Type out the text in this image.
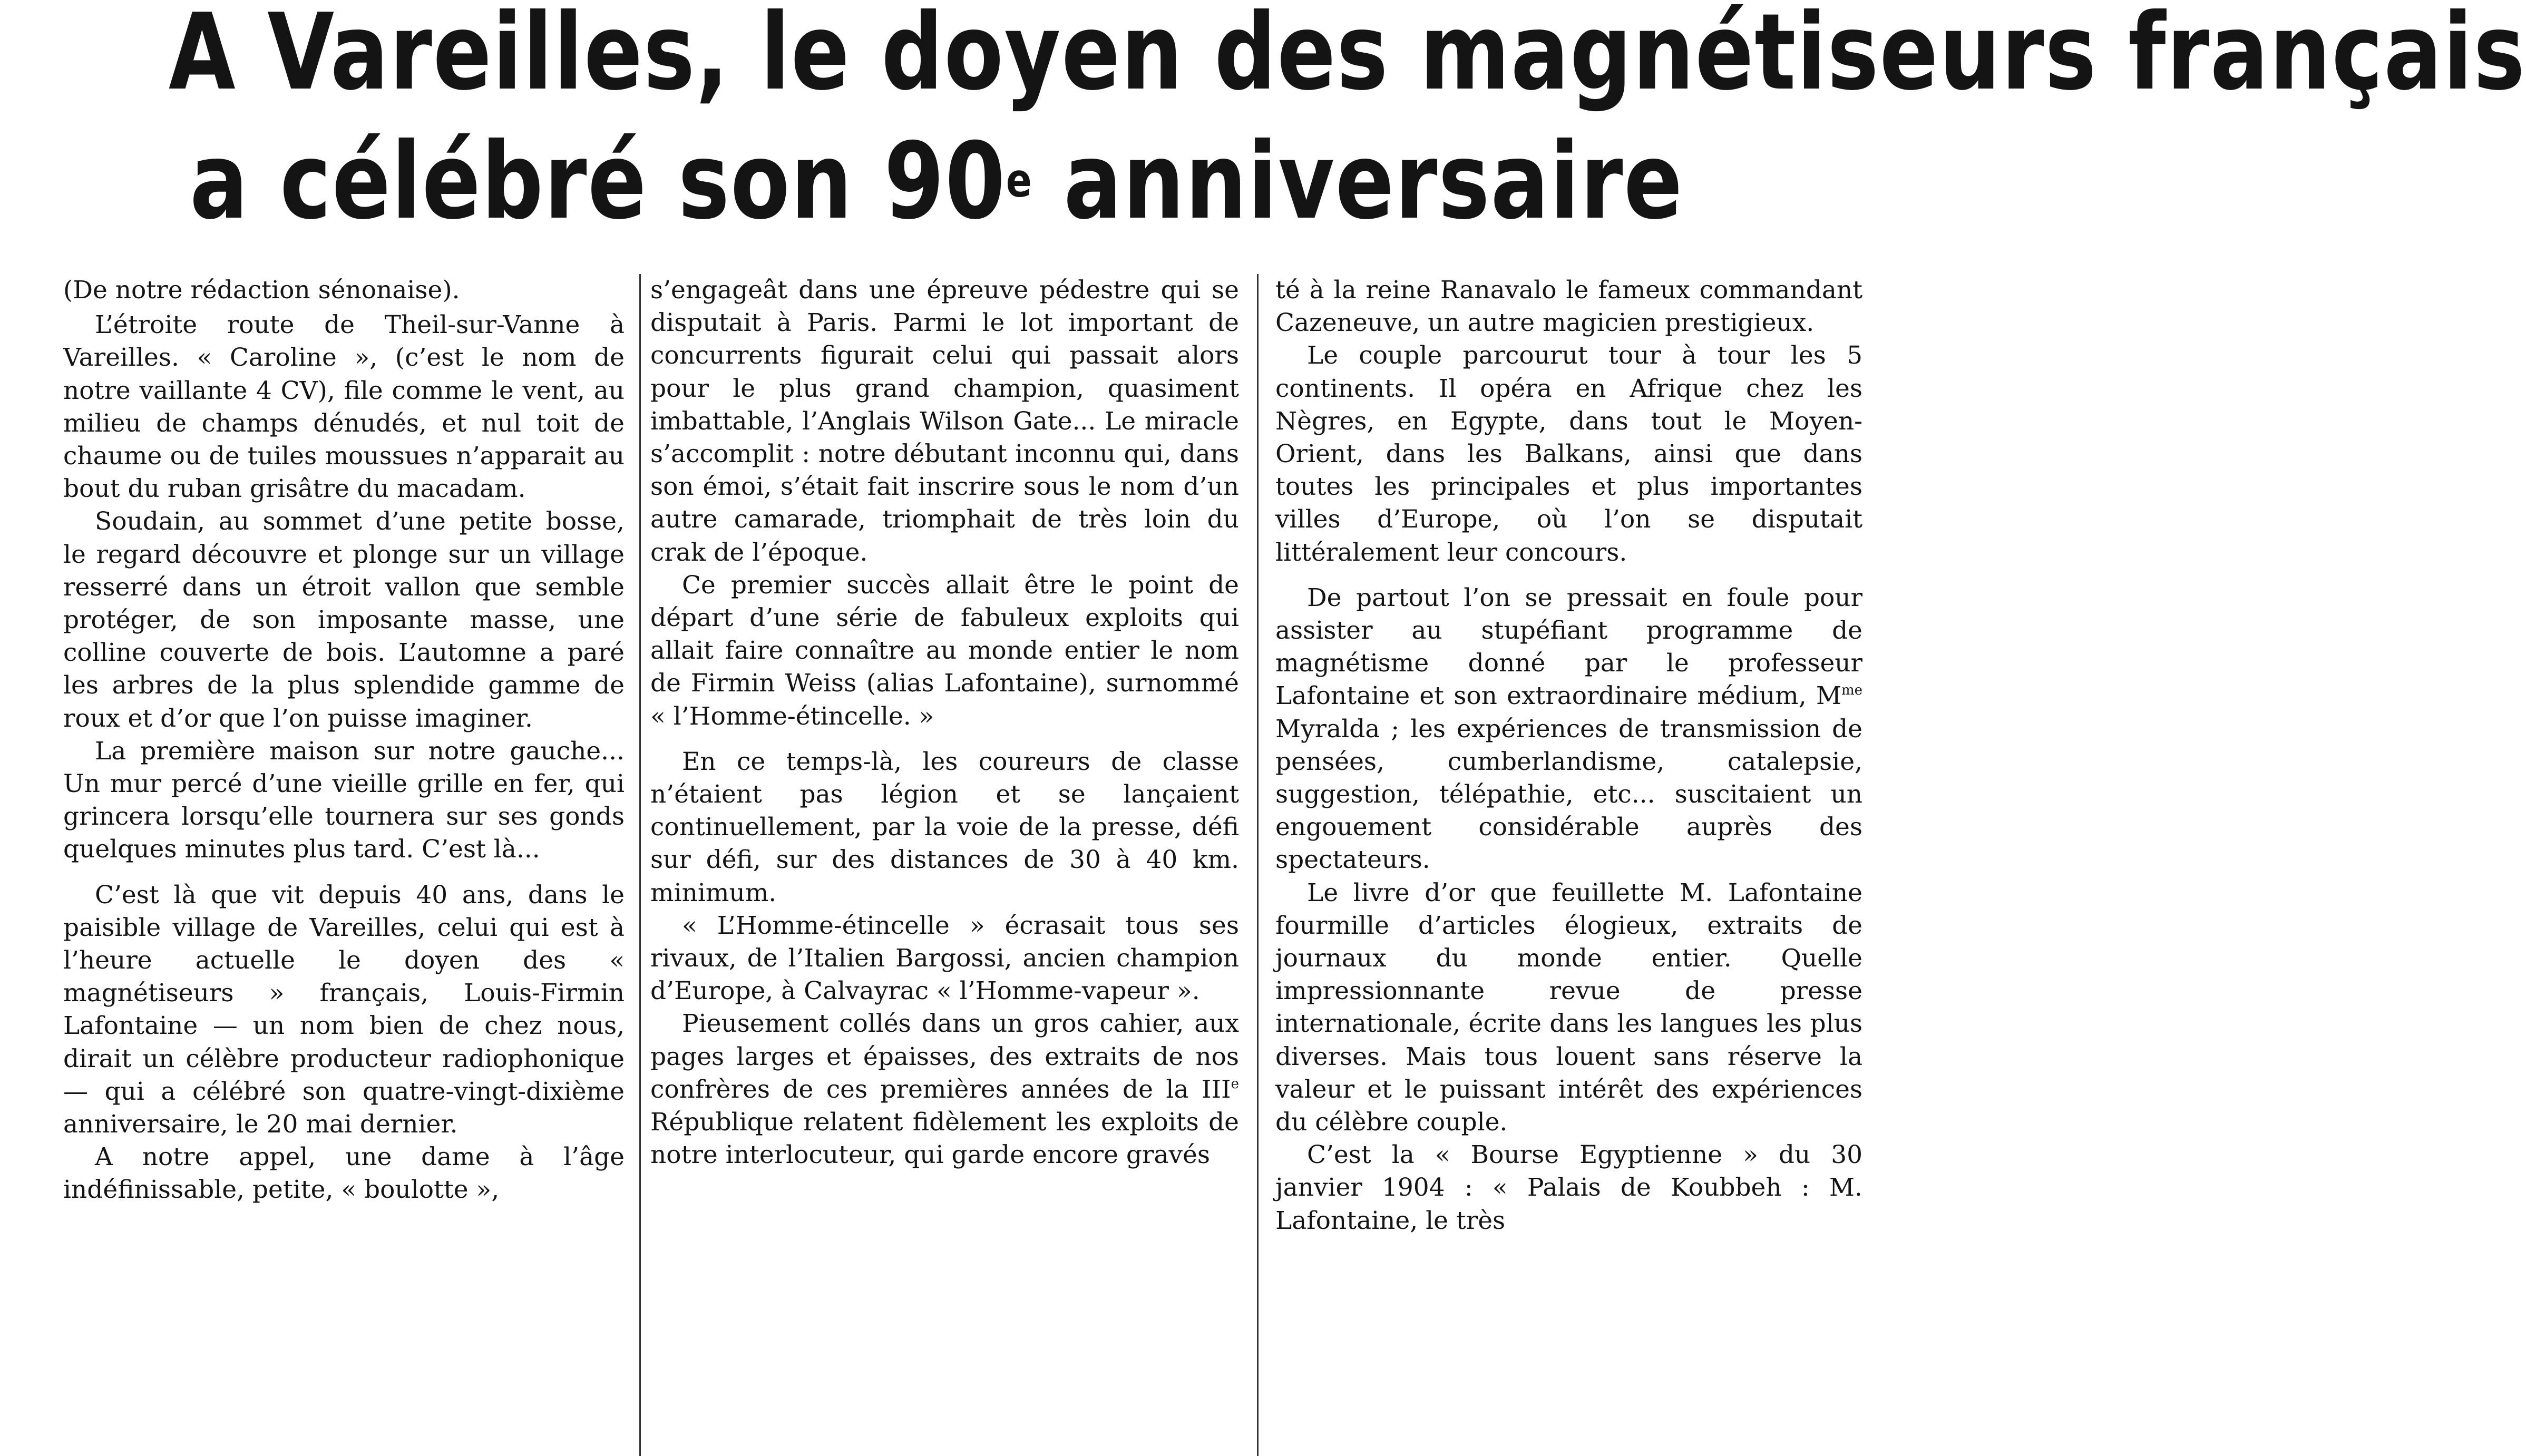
A Vareilles, le doyen des magnétiseurs français
a célébré son 90e anniversaire

(De notre rédaction sénonaise).

L’étroite route de Theil-sur-Vanne à Vareilles. « Caroline », (c’est le nom de notre vaillante 4 CV), file comme le vent, au milieu de champs dénudés, et nul toit de chaume ou de tuiles moussues n’apparait au bout du ruban grisâtre du macadam.

Soudain, au sommet d’une petite bosse, le regard découvre et plonge sur un village resserré dans un étroit vallon que semble protéger, de son imposante masse, une colline couverte de bois. L’automne a paré les arbres de la plus splendide gamme de roux et d’or que l’on puisse imaginer.

La première maison sur notre gauche... Un mur percé d’une vieille grille en fer, qui grincera lorsqu’elle tournera sur ses gonds quelques minutes plus tard. C’est là...

C’est là que vit depuis 40 ans, dans le paisible village de Vareilles, celui qui est à l’heure actuelle le doyen des « magnétiseurs » français, Louis-Firmin Lafontaine — un nom bien de chez nous, dirait un célèbre producteur radiophonique — qui a célébré son quatre-vingt-dixième anniversaire, le 20 mai dernier.

A notre appel, une dame à l’âge indéfinissable, petite, « boulotte »,

s’engageât dans une épreuve pédestre qui se disputait à Paris. Parmi le lot important de concurrents figurait celui qui passait alors pour le plus grand champion, quasiment imbattable, l’Anglais Wilson Gate... Le miracle s’accomplit : notre débutant inconnu qui, dans son émoi, s’était fait inscrire sous le nom d’un autre camarade, triomphait de très loin du crak de l’époque.

Ce premier succès allait être le point de départ d’une série de fabuleux exploits qui allait faire connaître au monde entier le nom de Firmin Weiss (alias Lafontaine), surnommé « l’Homme-étincelle. »

En ce temps-là, les coureurs de classe n’étaient pas légion et se lançaient continuellement, par la voie de la presse, défi sur défi, sur des distances de 30 à 40 km. minimum.

« L’Homme-étincelle » écrasait tous ses rivaux, de l’Italien Bargossi, ancien champion d’Europe, à Calvayrac « l’Homme-vapeur ».

Pieusement collés dans un gros cahier, aux pages larges et épaisses, des extraits de nos confrères de ces premières années de la IIIe République relatent fidèlement les exploits de notre interlocuteur, qui garde encore gravés

té à la reine Ranavalo le fameux commandant Cazeneuve, un autre magicien prestigieux.

Le couple parcourut tour à tour les 5 continents. Il opéra en Afrique chez les Nègres, en Egypte, dans tout le Moyen-Orient, dans les Balkans, ainsi que dans toutes les principales et plus importantes villes d’Europe, où l’on se disputait littéralement leur concours.

De partout l’on se pressait en foule pour assister au stupéfiant programme de magnétisme donné par le professeur Lafontaine et son extraordinaire médium, $M^{me}$ Myralda ; les expériences de transmission de pensées, cumberlandisme, catalepsie, suggestion, télépathie, etc... suscitaient un engouement considérable auprès des spectateurs.

Le livre d’or que feuillette M. Lafontaine fourmille d’articles élogieux, extraits de journaux du monde entier. Quelle impressionnante revue de presse internationale, écrite dans les langues les plus diverses. Mais tous louent sans réserve la valeur et le puissant intérêt des expériences du célèbre couple.

C’est la « Bourse Egyptienne » du 30 janvier 1904 : « Palais de Koubbeh : M. Lafontaine, le très
